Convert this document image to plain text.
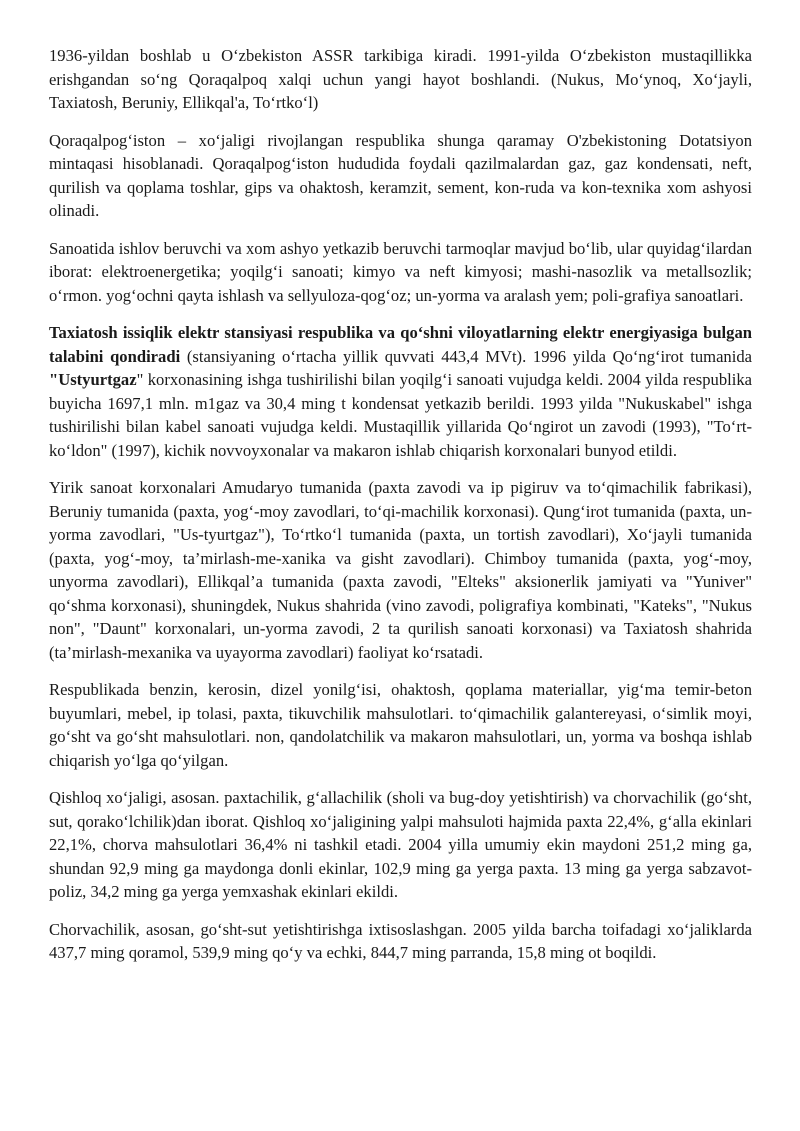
1936-yildan boshlab u O‘zbekiston ASSR tarkibiga kiradi. 1991-yilda O‘zbekiston mustaqillikka erishgandan so‘ng Qoraqalpoq xalqi uchun yangi hayot boshlandi. (Nukus, Mo‘ynoq, Xo‘jayli, Taxiatosh, Beruniy, Ellikqal'a, To‘rtko‘l)

Qoraqalpog‘iston – xo‘jaligi rivojlangan respublika shunga qaramay O'zbekistoning Dotatsiyon mintaqasi hisoblanadi. Qoraqalpog‘iston hududida foydali qazilmalardan gaz, gaz kondensati, neft, qurilish va qoplama toshlar, gips va ohaktosh, keramzit, sement, kon-ruda va kon-texnika xom ashyosi olinadi.

Sanoatida ishlov beruvchi va xom ashyo yetkazib beruvchi tarmoqlar mavjud bo‘lib, ular quyidag‘ilardan iborat: elektroenergetika; yoqilg‘i sanoati; kimyo va neft kimyosi; mashi-nasozlik va metallsozlik; o‘rmon. yog‘ochni qayta ishlash va sellyuloza-qog‘oz; un-yorma va aralash yem; poli-grafiya sanoatlari.

Taxiatosh issiqlik elektr stansiyasi respublika va qo‘shni viloyatlarning elektr energiyasiga bulgan talabini qondiradi (stansiyaning o‘rtacha yillik quvvati 443,4 MVt). 1996 yilda Qo‘ng‘irot tumanida "Ustyurtgaz" korxonasining ishga tushirilishi bilan yoqilg‘i sanoati vujudga keldi. 2004 yilda respublika buyicha 1697,1 mln. m1gaz va 30,4 ming t kondensat yetkazib berildi. 1993 yilda "Nukuskabel" ishga tushirilishi bilan kabel sanoati vujudga keldi. Mustaqillik yillarida Qo‘ngirot un zavodi (1993), "To‘rt-ko‘ldon" (1997), kichik novvoyxonalar va makaron ishlab chiqarish korxonalari bunyod etildi.

Yirik sanoat korxonalari Amudaryo tumanida (paxta zavodi va ip pigiruv va to‘qimachilik fabrikasi), Beruniy tumanida (paxta, yog‘-moy zavodlari, to‘qi-machilik korxonasi). Qung‘irot tumanida (paxta, un-yorma zavodlari, "Us-tyurtgaz"), To‘rtko‘l tumanida (paxta, un tortish zavodlari), Xo‘jayli tumanida (paxta, yog‘-moy, ta’mirlash-me-xanika va gisht zavodlari). Chimboy tumanida (paxta, yog‘-moy, unyorma zavodlari), Ellikqal’a tumanida (paxta zavodi, "Elteks" aksionerlik jamiyati va "Yuniver" qo‘shma korxonasi), shuningdek, Nukus shahrida (vino zavodi, poligrafiya kombinati, "Kateks", "Nukus non", "Daunt" korxonalari, un-yorma zavodi, 2 ta qurilish sanoati korxonasi) va Taxiatosh shahrida (ta’mirlash-mexanika va uyayorma zavodlari) faoliyat ko‘rsatadi.

Respublikada benzin, kerosin, dizel yonilg‘isi, ohaktosh, qoplama materiallar, yig‘ma temir-beton buyumlari, mebel, ip tolasi, paxta, tikuvchilik mahsulotlari. to‘qimachilik galantereyasi, o‘simlik moyi, go‘sht va go‘sht mahsulotlari. non, qandolatchilik va makaron mahsulotlari, un, yorma va boshqa ishlab chiqarish yo‘lga qo‘yilgan.

Qishloq xo‘jaligi, asosan. paxtachilik, g‘allachilik (sholi va bug-doy yetishtirish) va chorvachilik (go‘sht, sut, qorako‘lchilik)dan iborat. Qishloq xo‘jaligining yalpi mahsuloti hajmida paxta 22,4%, g‘alla ekinlari 22,1%, chorva mahsulotlari 36,4% ni tashkil etadi. 2004 yilla umumiy ekin maydoni 251,2 ming ga, shundan 92,9 ming ga maydonga donli ekinlar, 102,9 ming ga yerga paxta. 13 ming ga yerga sabzavot-poliz, 34,2 ming ga yerga yemxashak ekinlari ekildi.

Chorvachilik, asosan, go‘sht-sut yetishtirishga ixtisoslashgan. 2005 yilda barcha toifadagi xo‘jaliklarda 437,7 ming qoramol, 539,9 ming qo‘y va echki, 844,7 ming parranda, 15,8 ming ot boqildi.
